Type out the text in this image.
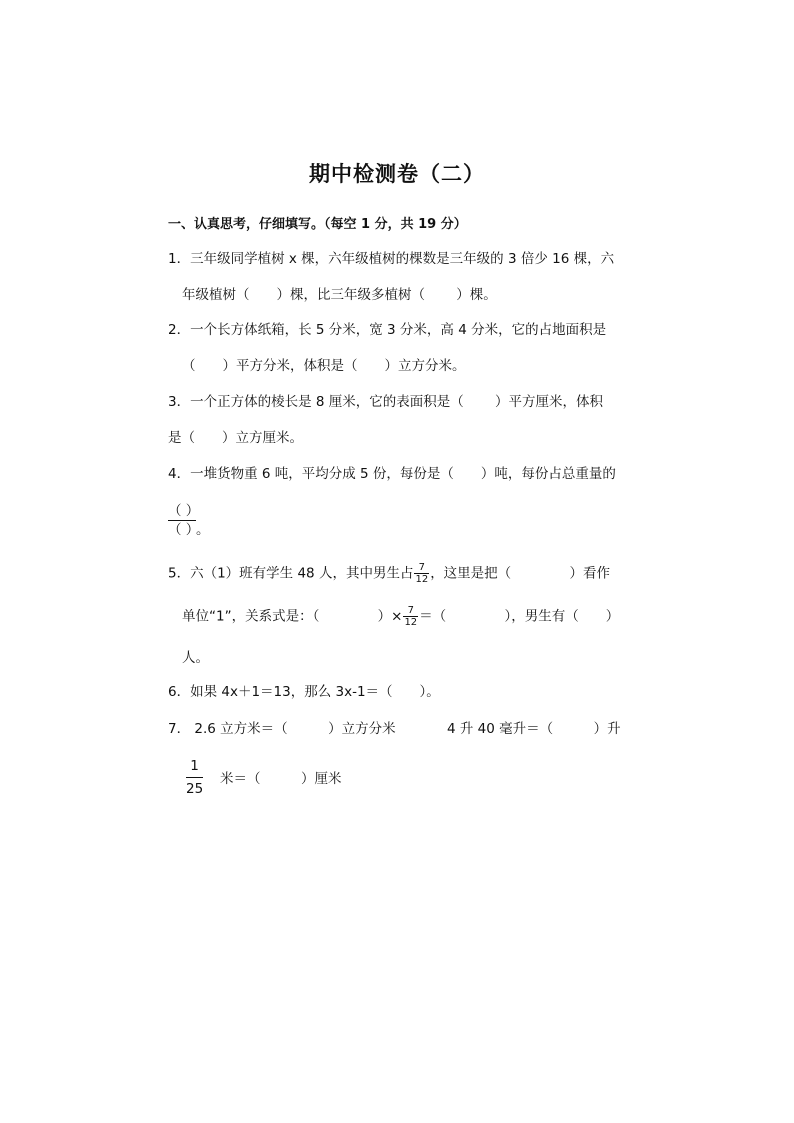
期中检测卷（二）
一、认真思考，仔细填写。（每空 1 分，共 19 分）
1．三年级同学植树 x 棵，六年级植树的棵数是三年级的 3 倍少 16 棵，六
年级植树（　　）棵，比三年级多植树（　　 ）棵。
2．一个长方体纸箱，长 5 分米，宽 3 分米，高 4 分米，它的占地面积是
（　　）平方分米，体积是（　　）立方分米。
3．一个正方体的棱长是 8 厘米，它的表面积是（　　 ）平方厘米，体积
是（　　）立方厘米。
4．一堆货物重 6 吨，平均分成 5 份，每份是（　　）吨，每份占总重量的
（ ）
（ ）。
5．六（1）班有学生 48 人，其中男生占 $\frac{7}{12}$ ，这里是把（　　　　 ）看作
单位“1”，关系式是：（　　　　 ）× $\frac{7}{12}$ ＝（　　　　 ），男生有（　　）
人。
6．如果 4x＋1＝13，那么 3x-1＝（　　）。
7． 2.6 立方米＝（　　　）立方分米	4 升 40 毫升＝（　　　）升
$\frac{1}{25}$ 米＝（　　　）厘米
